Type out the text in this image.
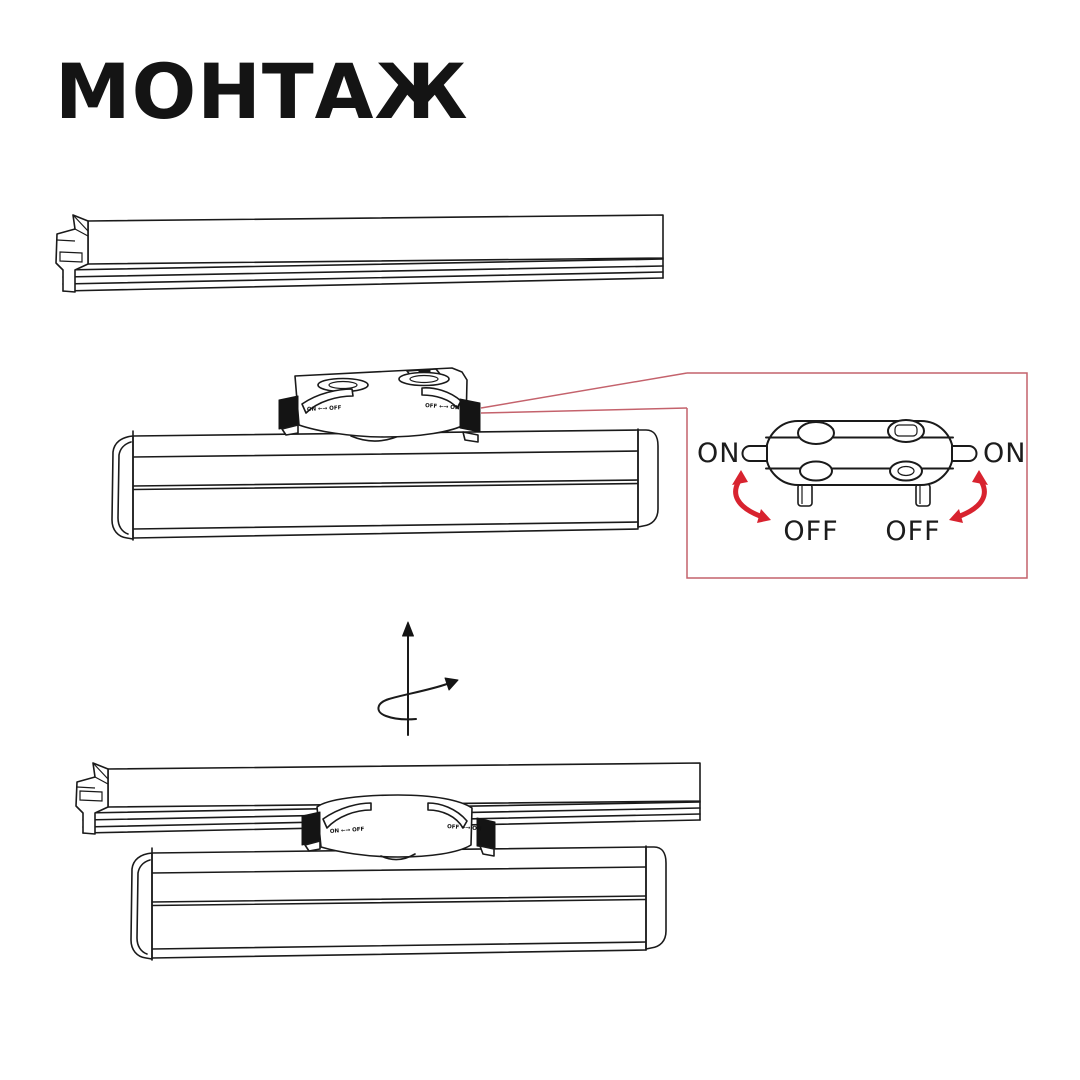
МОНТАЖ
ON ←→ OFF	OFF ←→ ON
ON	ON
OFF OFF
ON ←→ OFF	OFF ←→ ON
